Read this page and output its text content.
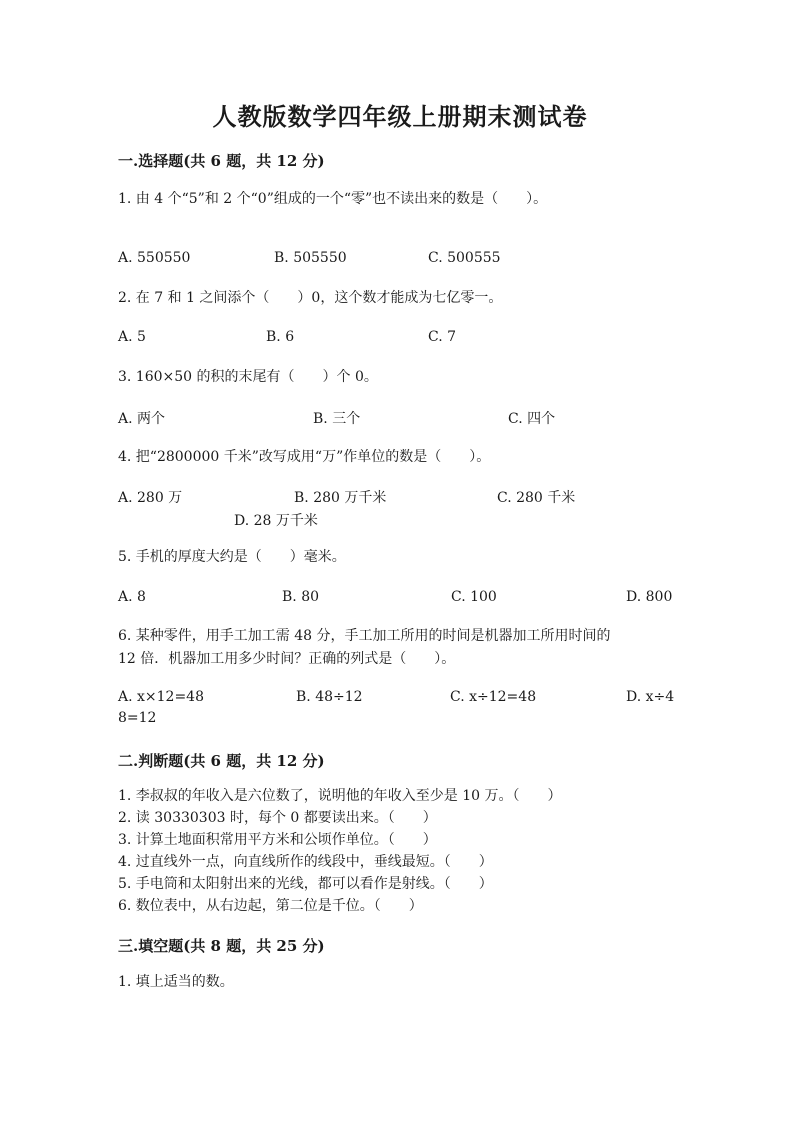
人教版数学四年级上册期末测试卷
一.选择题(共 6 题，共 12 分)
1. 由 4 个“5”和 2 个“0”组成的一个“零”也不读出来的数是（　　）。
A. 550550	B. 505550	C. 500555
2. 在 7 和 1 之间添个（　　）0，这个数才能成为七亿零一。
A. 5	B. 6	C. 7
3. 160×50 的积的末尾有（　　）个 0。
A. 两个	B. 三个	C. 四个
4. 把“2800000 千米”改写成用“万”作单位的数是（　　）。
A. 280 万	B. 280 万千米	C. 280 千米
D. 28 万千米
5. 手机的厚度大约是（　　）毫米。
A. 8	B. 80	C. 100	D. 800
6. 某种零件，用手工加工需 48 分，手工加工所用的时间是机器加工所用时间的
12 倍．机器加工用多少时间？正确的列式是（　　）。
A. x×12=48	B. 48÷12	C. x÷12=48	D. x÷4
8=12
二.判断题(共 6 题，共 12 分)
1. 李叔叔的年收入是六位数了，说明他的年收入至少是 10 万。（　　）
2. 读 30330303 时，每个 0 都要读出来。（　　）
3. 计算土地面积常用平方米和公顷作单位。（　　）
4. 过直线外一点，向直线所作的线段中，垂线最短。（　　）
5. 手电筒和太阳射出来的光线，都可以看作是射线。（　　）
6. 数位表中，从右边起，第二位是千位。（　　）
三.填空题(共 8 题，共 25 分)
1. 填上适当的数。
